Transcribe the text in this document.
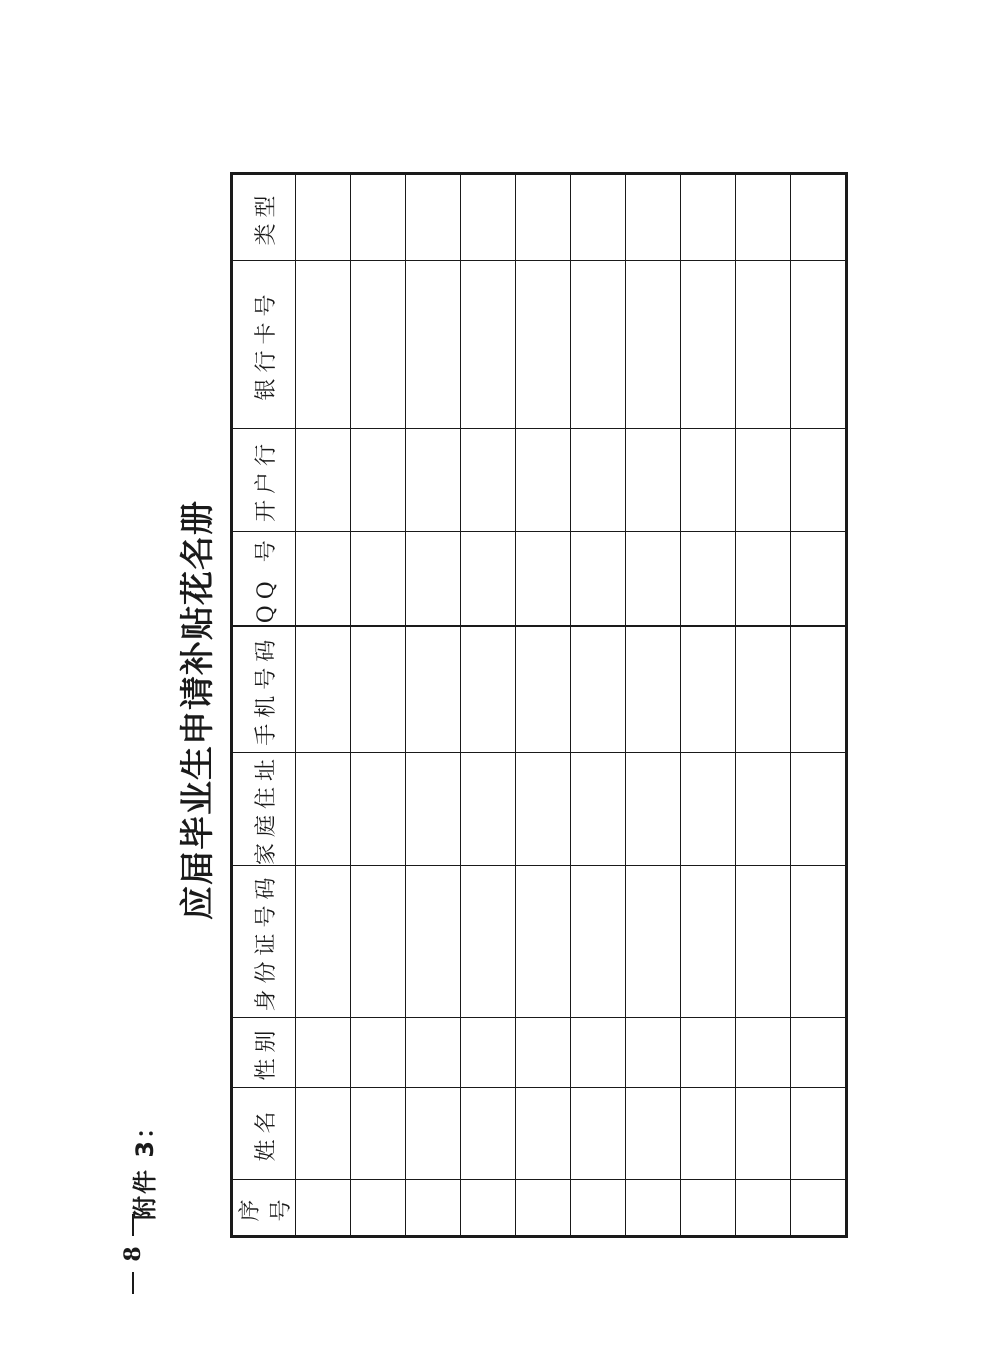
8
附件 3：
应届毕业生申请补贴花名册
序号	姓名	性别	身份证号码	家庭住址	手机号码	QQ 号	开户行	银行卡号	类型
